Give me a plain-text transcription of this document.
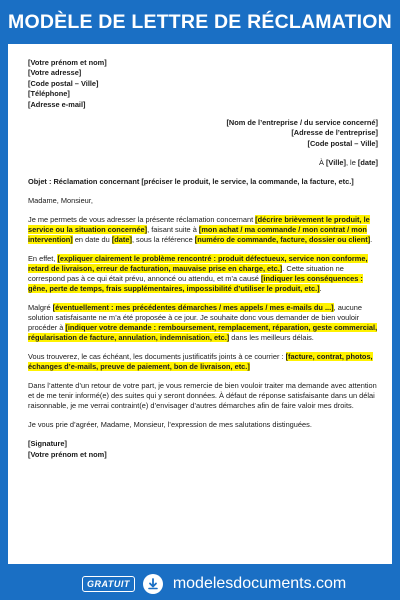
MODÈLE DE LETTRE DE RÉCLAMATION
[Votre prénom et nom]
[Votre adresse]
[Code postal – Ville]
[Téléphone]
[Adresse e-mail]
[Nom de l’entreprise / du service concerné]
[Adresse de l’entreprise]
[Code postal – Ville]
À [Ville], le [date]
Objet : Réclamation concernant [préciser le produit, le service, la commande, la facture, etc.]

Madame, Monsieur,

Je me permets de vous adresser la présente réclamation concernant [décrire brièvement le produit, le service ou la situation concernée], faisant suite à [mon achat / ma commande / mon contrat / mon intervention] en date du [date], sous la référence [numéro de commande, facture, dossier ou client].

En effet, [expliquer clairement le problème rencontré : produit défectueux, service non conforme, retard de livraison, erreur de facturation, mauvaise prise en charge, etc.]. Cette situation ne correspond pas à ce qui était prévu, annoncé ou attendu, et m’a causé [indiquer les conséquences : gêne, perte de temps, frais supplémentaires, impossibilité d’utiliser le produit, etc.].

Malgré [éventuellement : mes précédentes démarches / mes appels / mes e-mails du ...], aucune solution satisfaisante ne m’a été proposée à ce jour. Je souhaite donc vous demander de bien vouloir procéder à [indiquer votre demande : remboursement, remplacement, réparation, geste commercial, régularisation de facture, annulation, indemnisation, etc.] dans les meilleurs délais.

Vous trouverez, le cas échéant, les documents justificatifs joints à ce courrier : [facture, contrat, photos, échanges d’e-mails, preuve de paiement, bon de livraison, etc.]

Dans l’attente d’un retour de votre part, je vous remercie de bien vouloir traiter ma demande avec attention et de me tenir informé(e) des suites qui y seront données. À défaut de réponse satisfaisante dans un délai raisonnable, je me verrai contraint(e) d’envisager d’autres démarches afin de faire valoir mes droits.

Je vous prie d’agréer, Madame, Monsieur, l’expression de mes salutations distinguées.

[Signature]
[Votre prénom et nom]
GRATUIT	modelesdocuments.com
